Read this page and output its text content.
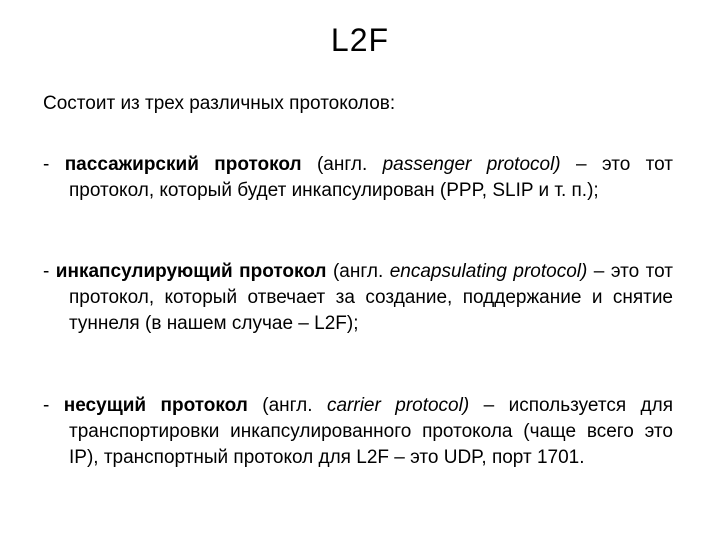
L2F
Состоит из трех различных протоколов:
- пассажирский протокол (англ. passenger protocol) – это тот протокол, который будет инкапсулирован (PPP, SLIP и т. п.);
- инкапсулирующий протокол (англ. encapsulating protocol) – это тот протокол, который отвечает за создание, поддержание и снятие туннеля (в нашем случае – L2F);
- несущий протокол (англ. carrier protocol) – используется для транспортировки инкапсулированного протокола (чаще всего это IP), транспортный протокол для L2F – это UDP, порт 1701.
